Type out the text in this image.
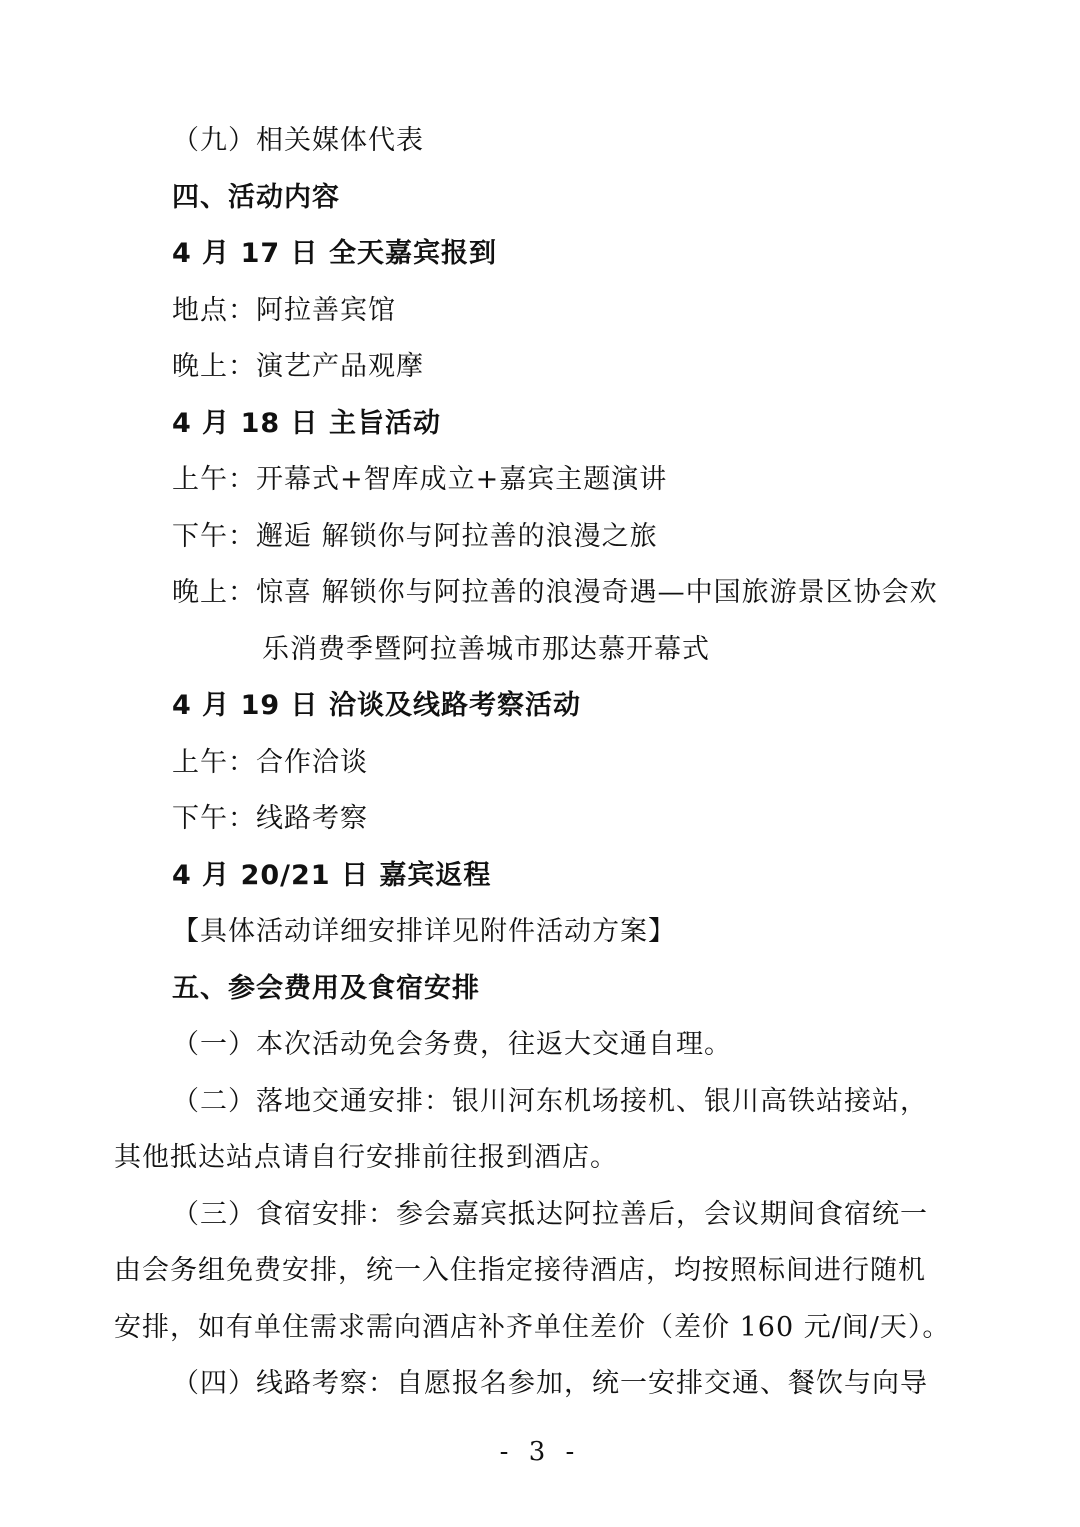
（九）相关媒体代表
四、活动内容
4 月 17 日 全天嘉宾报到
地点：阿拉善宾馆
晚上：演艺产品观摩
4 月 18 日 主旨活动
上午：开幕式+智库成立+嘉宾主题演讲
下午：邂逅 解锁你与阿拉善的浪漫之旅
晚上：惊喜 解锁你与阿拉善的浪漫奇遇—中国旅游景区协会欢
乐消费季暨阿拉善城市那达慕开幕式
4 月 19 日 洽谈及线路考察活动
上午：合作洽谈
下午：线路考察
4 月 20/21 日 嘉宾返程
【具体活动详细安排详见附件活动方案】
五、参会费用及食宿安排
（一）本次活动免会务费，往返大交通自理。
（二）落地交通安排：银川河东机场接机、银川高铁站接站，
其他抵达站点请自行安排前往报到酒店。
（三）食宿安排：参会嘉宾抵达阿拉善后，会议期间食宿统一
由会务组免费安排，统一入住指定接待酒店，均按照标间进行随机
安排，如有单住需求需向酒店补齐单住差价（差价 160 元/间/天）。
（四）线路考察：自愿报名参加，统一安排交通、餐饮与向导
- 3 -
